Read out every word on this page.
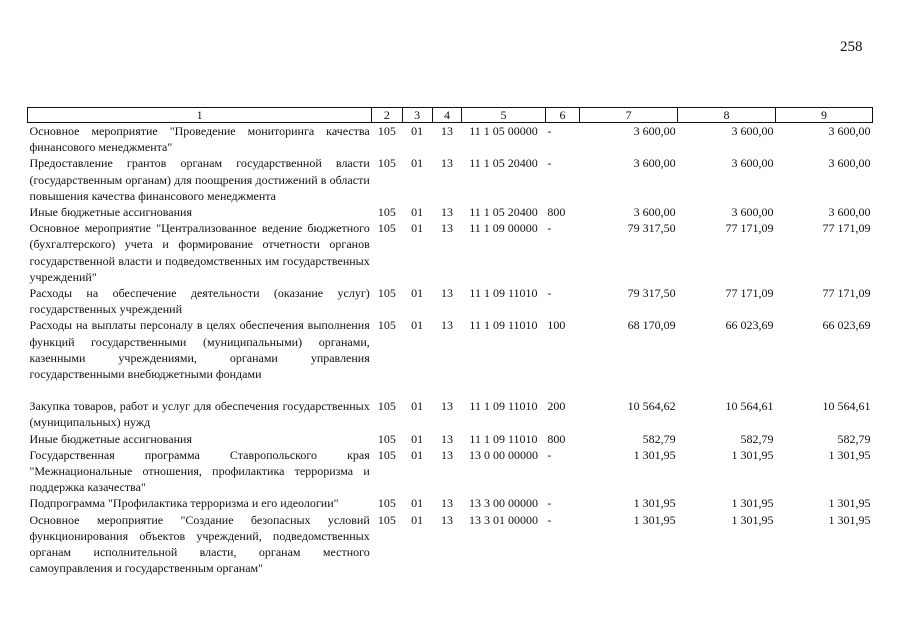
258
1	2	3	4	5	6	7	8	9
Основное мероприятие "Проведение мониторинга качества финансового менеджмента"	105	01	13	11 1 05 00000	-	3 600,00	3 600,00	3 600,00
Предоставление грантов органам государственной власти (государственным органам) для поощрения достижений в области повышения качества финансового менеджмента	105	01	13	11 1 05 20400	-	3 600,00	3 600,00	3 600,00
Иные бюджетные ассигнования	105	01	13	11 1 05 20400	800	3 600,00	3 600,00	3 600,00
Основное мероприятие "Централизованное ведение бюджетного (бухгалтерского) учета и формирование отчетности органов государственной власти и подведомственных им государственных учреждений"	105	01	13	11 1 09 00000	-	79 317,50	77 171,09	77 171,09
Расходы на обеспечение деятельности (оказание услуг) государственных учреждений	105	01	13	11 1 09 11010	-	79 317,50	77 171,09	77 171,09
Расходы на выплаты персоналу в целях обеспечения выполнения функций государственными (муниципальными) органами, казенными учреждениями, органами управления государственными внебюджетными фондами	105	01	13	11 1 09 11010	100	68 170,09	66 023,69	66 023,69

Закупка товаров, работ и услуг для обеспечения государственных (муниципальных) нужд	105	01	13	11 1 09 11010	200	10 564,62	10 564,61	10 564,61
Иные бюджетные ассигнования	105	01	13	11 1 09 11010	800	582,79	582,79	582,79
Государственная программа Ставропольского края "Межнациональные отношения, профилактика терроризма и поддержка казачества"	105	01	13	13 0 00 00000	-	1 301,95	1 301,95	1 301,95
Подпрограмма "Профилактика терроризма и его идеологии"	105	01	13	13 3 00 00000	-	1 301,95	1 301,95	1 301,95
Основное мероприятие "Создание безопасных условий функционирования объектов учреждений, подведомственных органам исполнительной власти, органам местного самоуправления и государственным органам"	105	01	13	13 3 01 00000	-	1 301,95	1 301,95	1 301,95
